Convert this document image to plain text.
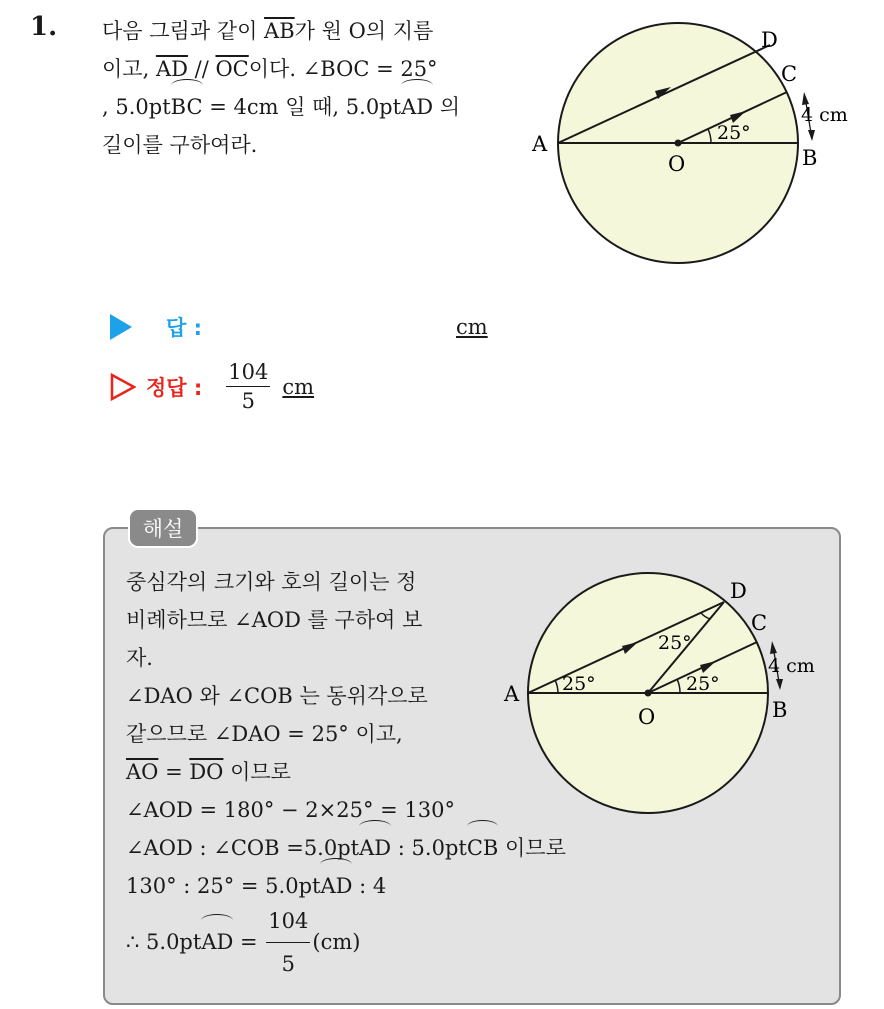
1. 다음 그림과 같이 $\overline{AB}$가 원 O의 지름
이고, $\overline{AD} // \overline{OC}$이다. ∠BOC = 25°
, 5.0ptBC = 4cm 일 때, 5.0ptAD 의
길이를 구하여라.	25°
A
B
C
D
O
4 cm
답 :	cm
정답 : $\frac{104}{5}$ cm
해설
중심각의 크기와 호의 길이는 정
비례하므로 ∠AOD 를 구하여 보
자.
∠DAO 와 ∠COB 는 동위각으로
같으므로 ∠DAO = 25° 이고,
$\overline{AO} = \overline{DO}$ 이므로
∠AOD = 180° − 2×25° = 130°
∠AOD : ∠COB =5.0ptAD : 5.0ptCB 이므로
130° : 25° = 5.0ptAD : 4
∴ 5.0pt AD = $\frac{104}{5} (cm)$
25°	25°
25°
A
B
C
D
O
4 cm
